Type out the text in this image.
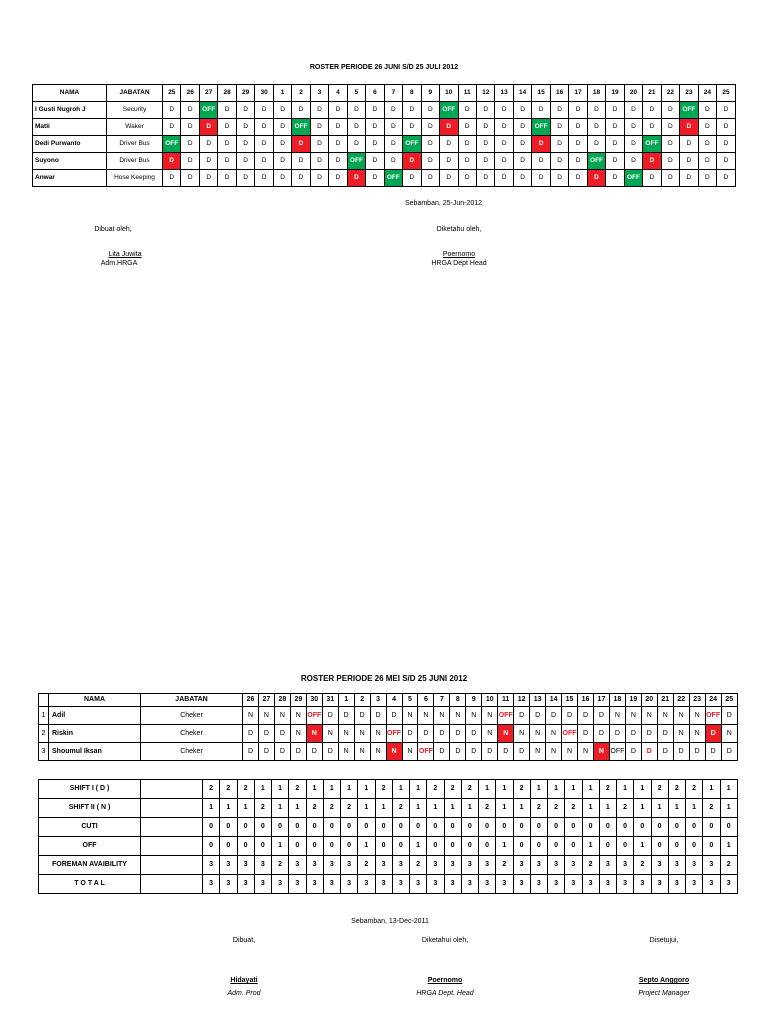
ROSTER PERIODE 26 JUNI S/D 25 JULI 2012
NAMA	JABATAN	25	26	27	28	29	30	1	2	3	4	5	6	7	8	9	10	11	12	13	14	15	16	17	18	19	20	21	22	23	24	25
I Gusti Nugroh J	Security	D	D	OFF	D	D	D	D	D	D	D	D	D	D	D	D	OFF	D	D	D	D	D	D	D	D	D	D	D	D	OFF	D	D
Matli	Waker	D	D	D	D	D	D	D	OFF	D	D	D	D	D	D	D	D	D	D	D	D	OFF	D	D	D	D	D	D	D	D	D	D
Dedi Purwanto	Driver Bus	OFF	D	D	D	D	D	D	D	D	D	D	D	D	OFF	D	D	D	D	D	D	D	D	D	D	D	D	OFF	D	D	D	D
Suyono	Driver Bus	D	D	D	D	D	D	D	D	D	D	OFF	D	D	D	D	D	D	D	D	D	D	D	D	OFF	D	D	D	D	D	D	D
Anwar	Hose Keeping	D	D	D	D	D	D	D	D	D	D	D	D	OFF	D	D	D	D	D	D	D	D	D	D	D	D	OFF	D	D	D	D	D
Sebamban, 25-Jun-2012
Dibuat oleh,
Lita Juwita
Adm.HRGA
Diketahu oleh,
Poernomo
HRGA Dept Head
ROSTER PERIODE 26 MEI S/D 25 JUNI 2012
	NAMA	JABATAN	26	27	28	29	30	31	1	2	3	4	5	6	7	8	9	10	11	12	13	14	15	16	17	18	19	20	21	22	23	24	25
1	Adil	Cheker	N	N	N	N	OFF	D	D	D	D	D	N	N	N	N	N	N	OFF	D	D	D	D	D	D	N	N	N	N	N	N	OFF	D
2	Riskin	Cheker	D	D	D	N	N	N	N	N	N	OFF	D	D	D	D	D	N	N	N	N	N	OFF	D	D	D	D	D	D	N	N	D	N
3	Shoumul Iksan	Cheker	D	D	D	D	D	D	N	N	N	N	N	OFF	D	D	D	D	D	D	N	N	N	N	N	OFF	D	D	D	D	D	D	D
SHIFT I ( D )		2	2	2	1	1	2	1	1	1	1	2	1	1	2	2	2	1	1	2	1	1	1	1	2	1	1	2	2	2	1	1
SHIFT II ( N )		1	1	1	2	1	1	2	2	2	1	1	2	1	1	1	1	2	1	1	2	2	2	1	1	2	1	1	1	1	2	1
CUTI		0	0	0	0	0	0	0	0	0	0	0	0	0	0	0	0	0	0	0	0	0	0	0	0	0	0	0	0	0	0	0
OFF		0	0	0	0	1	0	0	0	0	1	0	0	1	0	0	0	0	1	0	0	0	0	1	0	0	1	0	0	0	0	1
FOREMAN AVAIBILITY		3	3	3	3	2	3	3	3	3	2	3	3	2	3	3	3	3	2	3	3	3	3	2	3	3	2	3	3	3	3	2
T O T A L		3	3	3	3	3	3	3	3	3	3	3	3	3	3	3	3	3	3	3	3	3	3	3	3	3	3	3	3	3	3	3
Sebamban, 13-Dec-2011
Dibuat,
Hidayati
Adm. Prod
Diketahui oleh,
Poernomo
HRGA Dept. Head
Disetujui,
Septo Anggoro
Project Manager
